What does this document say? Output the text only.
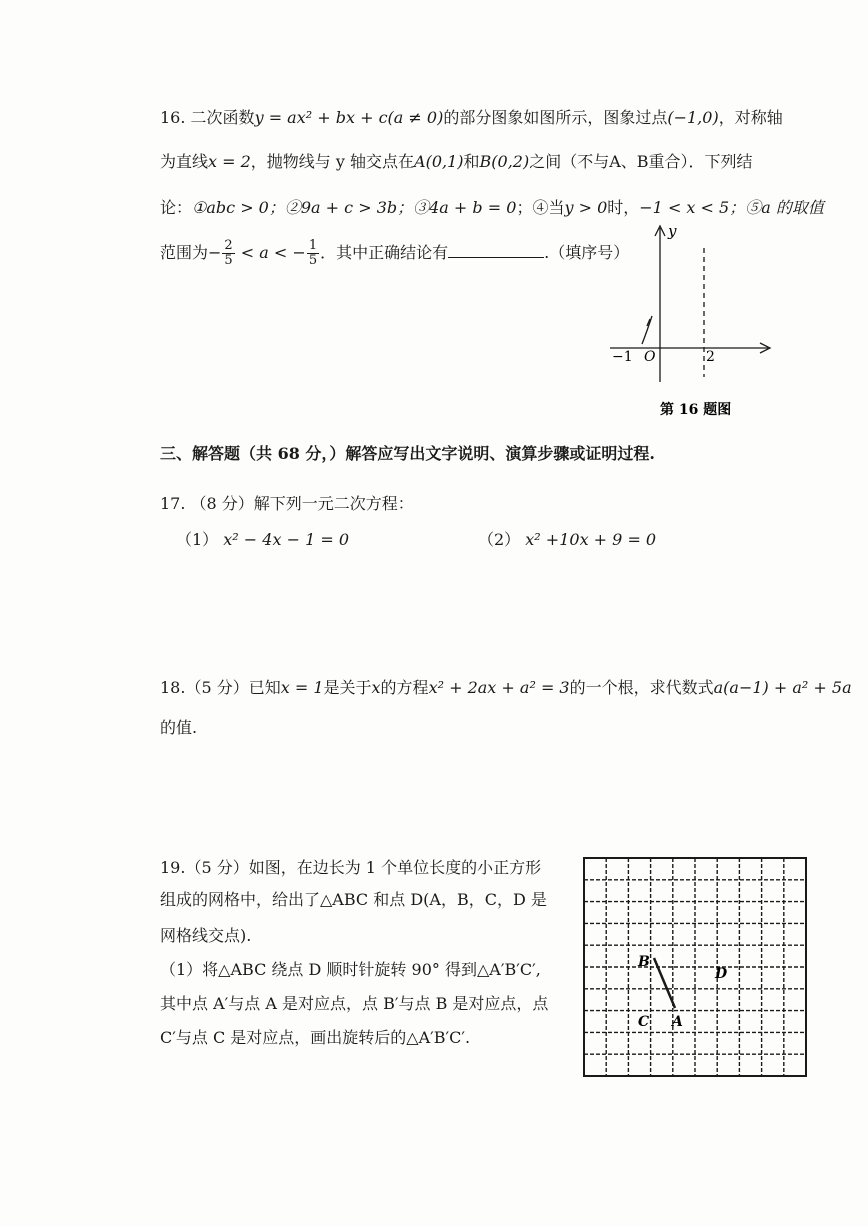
16. 二次函数y = ax² + bx + c(a ≠ 0)的部分图象如图所示，图象过点(−1,0)，对称轴
为直线x = 2，抛物线与 y 轴交点在A(0,1)和B(0,2)之间（不与A、B重合）．下列结
论：①abc > 0；②9a + c > 3b；③4a + b = 0；④当y > 0时，−1 < x < 5；⑤a 的取值
范围为− $\frac{2}{5} < a$ < − $\frac{1}{5}$ ．其中正确结论有	.（填序号）
y
−1 O	2
第 16 题图
三、解答题（共 68 分，）解答应写出文字说明、演算步骤或证明过程.
17. （8 分）解下列一元二次方程：
（1） x² − 4x − 1 = 0	（2） x² +10x + 9 = 0
18.（5 分）已知x = 1是关于x的方程x² + 2ax + a² = 3的一个根，求代数式a(a−1) + a² + 5a
的值.
19.（5 分）如图，在边长为 1 个单位长度的小正方形
组成的网格中，给出了△ABC 和点 D(A，B，C，D 是
网格线交点).
（1）将△ABC 绕点 D 顺时针旋转 90° 得到△A′B′C′,
其中点 A′与点 A 是对应点，点 B′与点 B 是对应点，点
C′与点 C 是对应点，画出旋转后的△A′B′C′.
B
C A
D
